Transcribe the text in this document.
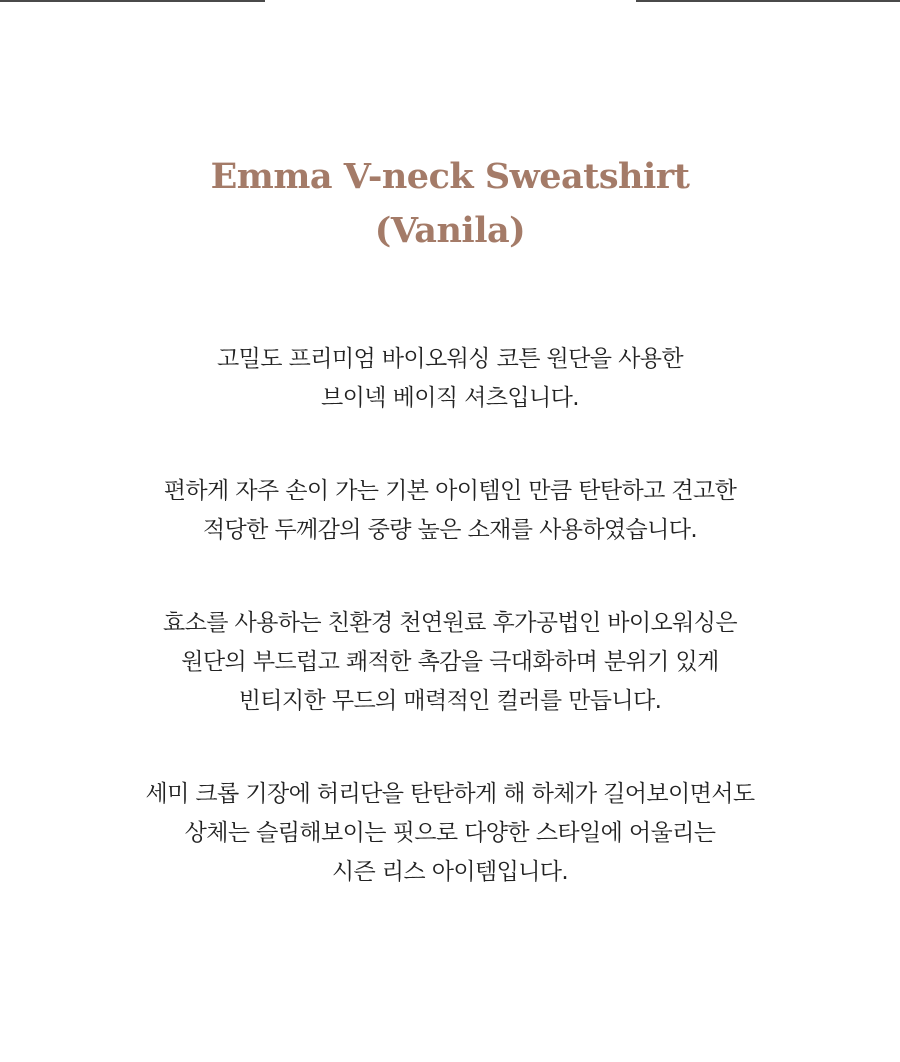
Emma V-neck Sweatshirt
(Vanila)

고밀도 프리미엄 바이오워싱 코튼 원단을 사용한
브이넥 베이직 셔츠입니다.

편하게 자주 손이 가는 기본 아이템인 만큼 탄탄하고 견고한
적당한 두께감의 중량 높은 소재를 사용하였습니다.

효소를 사용하는 친환경 천연원료 후가공법인 바이오워싱은
원단의 부드럽고 쾌적한 촉감을 극대화하며 분위기 있게
빈티지한 무드의 매력적인 컬러를 만듭니다.

세미 크롭 기장에 허리단을 탄탄하게 해 하체가 길어보이면서도
상체는 슬림해보이는 핏으로 다양한 스타일에 어울리는
시즌 리스 아이템입니다.
